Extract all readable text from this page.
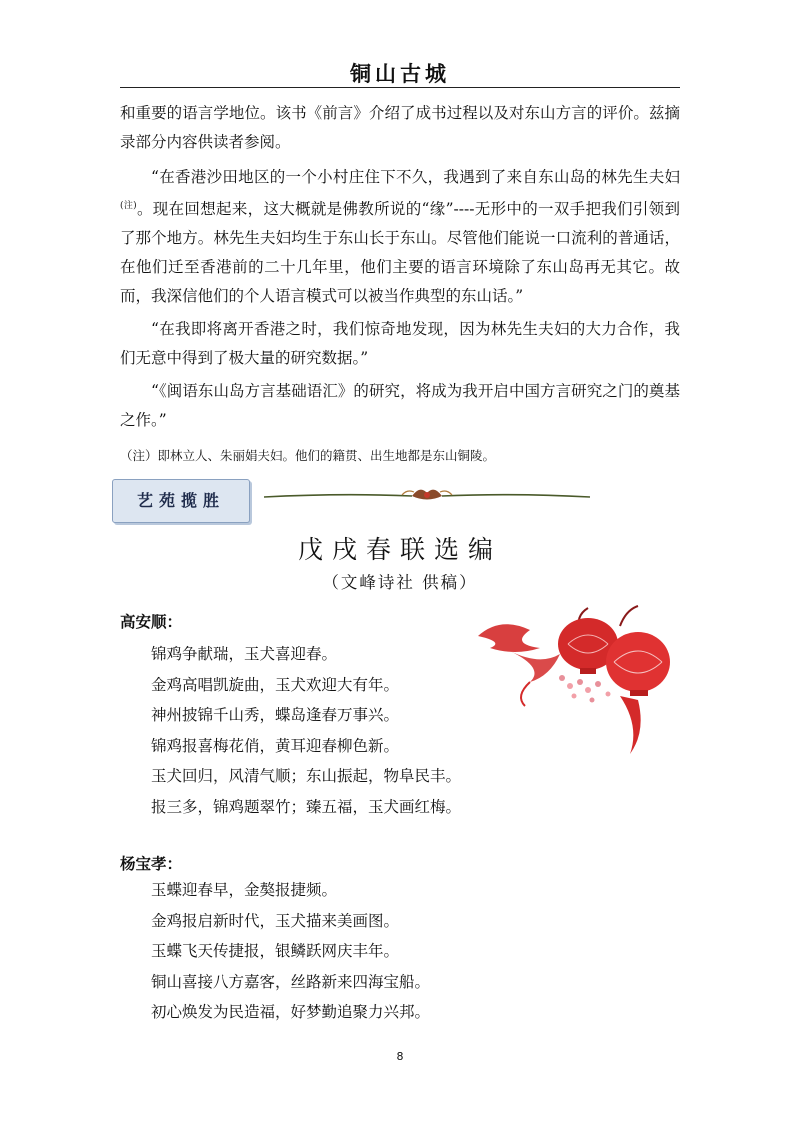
铜山古城

和重要的语言学地位。该书《前言》介绍了成书过程以及对东山方言的评价。兹摘录部分内容供读者参阅。

“在香港沙田地区的一个小村庄住下不久，我遇到了来自东山岛的林先生夫妇$^{(注)}$。现在回想起来，这大概就是佛教所说的“缘”----无形中的一双手把我们引领到了那个地方。林先生夫妇均生于东山长于东山。尽管他们能说一口流利的普通话，在他们迁至香港前的二十几年里，他们主要的语言环境除了东山岛再无其它。故而，我深信他们的个人语言模式可以被当作典型的东山话。”

“在我即将离开香港之时，我们惊奇地发现，因为林先生夫妇的大力合作，我们无意中得到了极大量的研究数据。”

“《闽语东山岛方言基础语汇》的研究，将成为我开启中国方言研究之门的奠基之作。”

（注）即林立人、朱丽娟夫妇。他们的籍贯、出生地都是东山铜陵。
艺苑揽胜
戊戌春联选编
（文峰诗社 供稿）
高安顺：
锦鸡争献瑞，玉犬喜迎春。
金鸡高唱凯旋曲，玉犬欢迎大有年。
神州披锦千山秀，蝶岛逢春万事兴。
锦鸡报喜梅花俏，黄耳迎春柳色新。
玉犬回归，风清气顺；东山振起，物阜民丰。
报三多，锦鸡题翠竹；臻五福，玉犬画红梅。
杨宝孝：
玉蝶迎春早，金獒报捷频。
金鸡报启新时代，玉犬描来美画图。
玉蝶飞天传捷报，银鳞跃网庆丰年。
铜山喜接八方嘉客，丝路新来四海宝船。
初心焕发为民造福，好梦勤追聚力兴邦。
8
